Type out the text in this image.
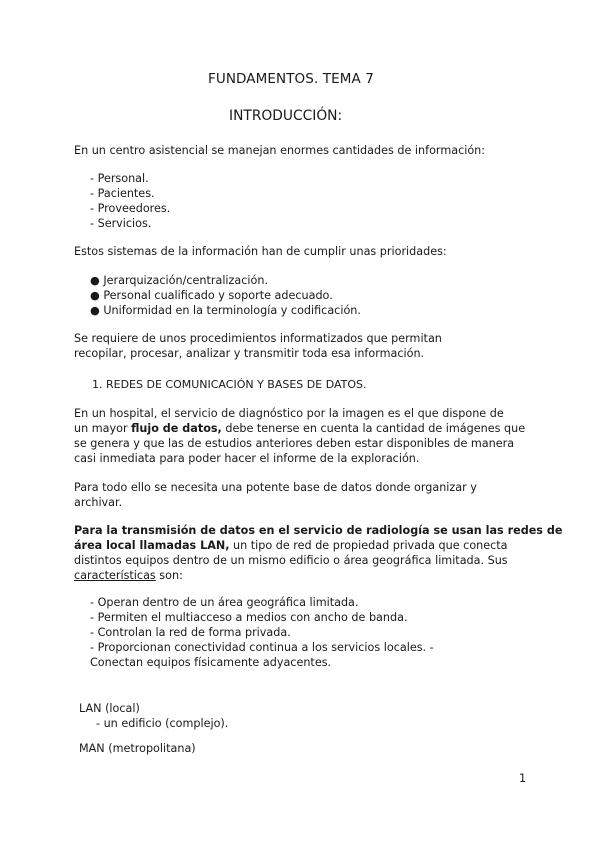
FUNDAMENTOS. TEMA 7
INTRODUCCIÓN:
En un centro asistencial se manejan enormes cantidades de información:
- Personal.
- Pacientes.
- Proveedores.
- Servicios.
Estos sistemas de la información han de cumplir unas prioridades:
● Jerarquización/centralización.
● Personal cualificado y soporte adecuado.
● Uniformidad en la terminología y codificación.
Se requiere de unos procedimientos informatizados que permitan
recopilar, procesar, analizar y transmitir toda esa información.
1. REDES DE COMUNICACIÓN Y BASES DE DATOS.
En un hospital, el servicio de diagnóstico por la imagen es el que dispone de
un mayor flujo de datos, debe tenerse en cuenta la cantidad de imágenes que
se genera y que las de estudios anteriores deben estar disponibles de manera
casi inmediata para poder hacer el informe de la exploración.
Para todo ello se necesita una potente base de datos donde organizar y
archivar.
Para la transmisión de datos en el servicio de radiología se usan las redes de
área local llamadas LAN, un tipo de red de propiedad privada que conecta
distintos equipos dentro de un mismo edificio o área geográfica limitada. Sus
características son:
- Operan dentro de un área geográfica limitada.
- Permiten el multiacceso a medios con ancho de banda.
- Controlan la red de forma privada.
- Proporcionan conectividad continua a los servicios locales. -
Conectan equipos físicamente adyacentes.
LAN (local)
- un edificio (complejo).
MAN (metropolitana)
1
